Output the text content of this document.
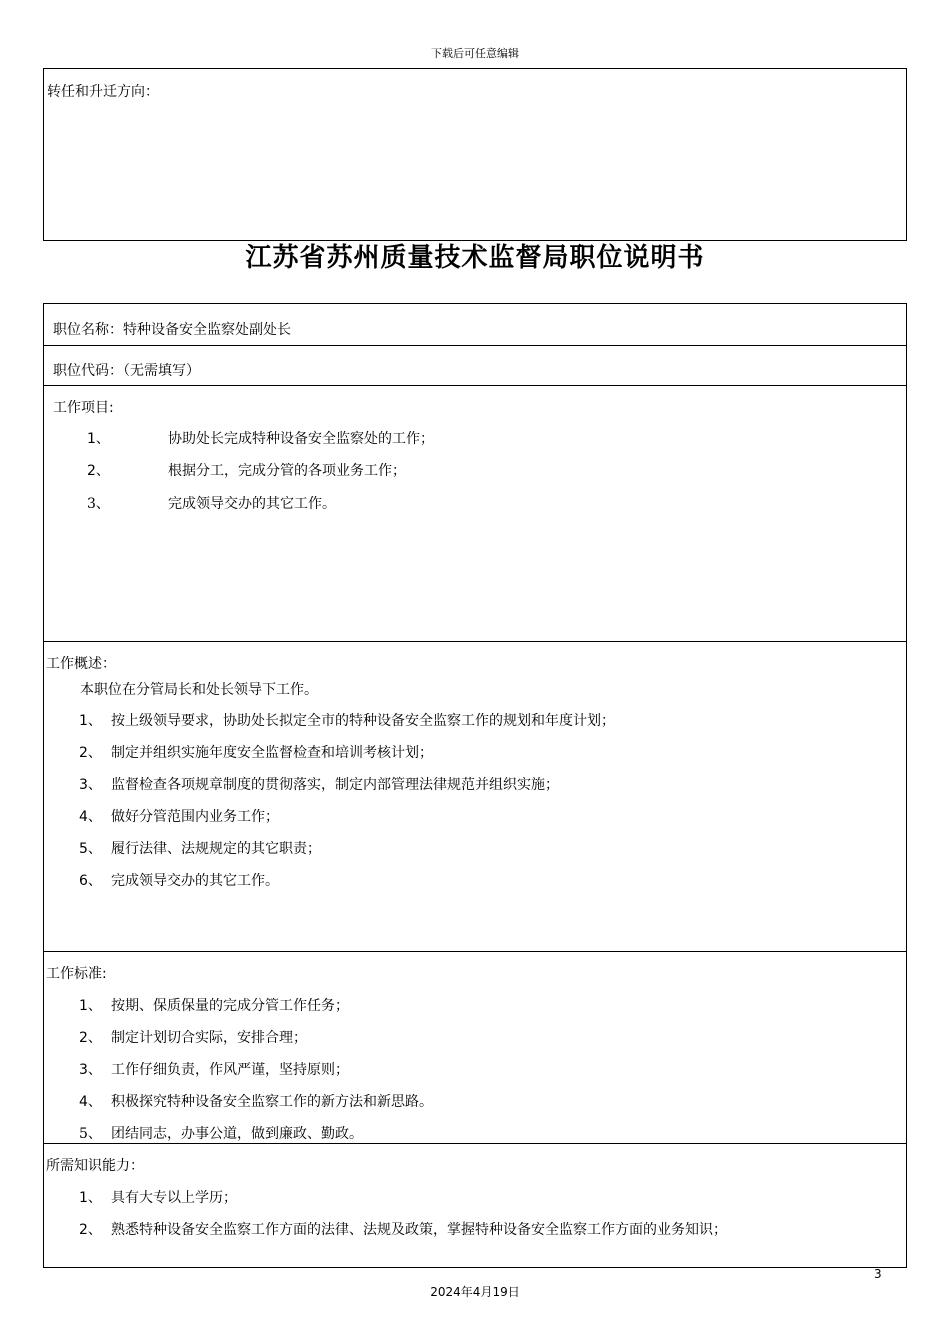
下载后可任意编辑
转任和升迁方向：
江苏省苏州质量技术监督局职位说明书
职位名称：特种设备安全监察处副处长
职位代码：（无需填写）
工作项目:
1、	协助处长完成特种设备安全监察处的工作；
2、	根据分工，完成分管的各项业务工作；
3、	完成领导交办的其它工作。
工作概述：
本职位在分管局长和处长领导下工作。
1、 按上级领导要求，协助处长拟定全市的特种设备安全监察工作的规划和年度计划；
2、 制定并组织实施年度安全监督检查和培训考核计划；
3、 监督检查各项规章制度的贯彻落实，制定内部管理法律规范并组织实施；
4、 做好分管范围内业务工作；
5、 履行法律、法规规定的其它职责；
6、 完成领导交办的其它工作。
工作标准:
1、 按期、保质保量的完成分管工作任务；
2、 制定计划切合实际，安排合理；
3、 工作仔细负责，作风严谨，坚持原则；
4、 积极探究特种设备安全监察工作的新方法和新思路。
5、 团结同志，办事公道，做到廉政、勤政。
所需知识能力：
1、 具有大专以上学历；
2、 熟悉特种设备安全监察工作方面的法律、法规及政策，掌握特种设备安全监察工作方面的业务知识；
3
2024年4月19日
